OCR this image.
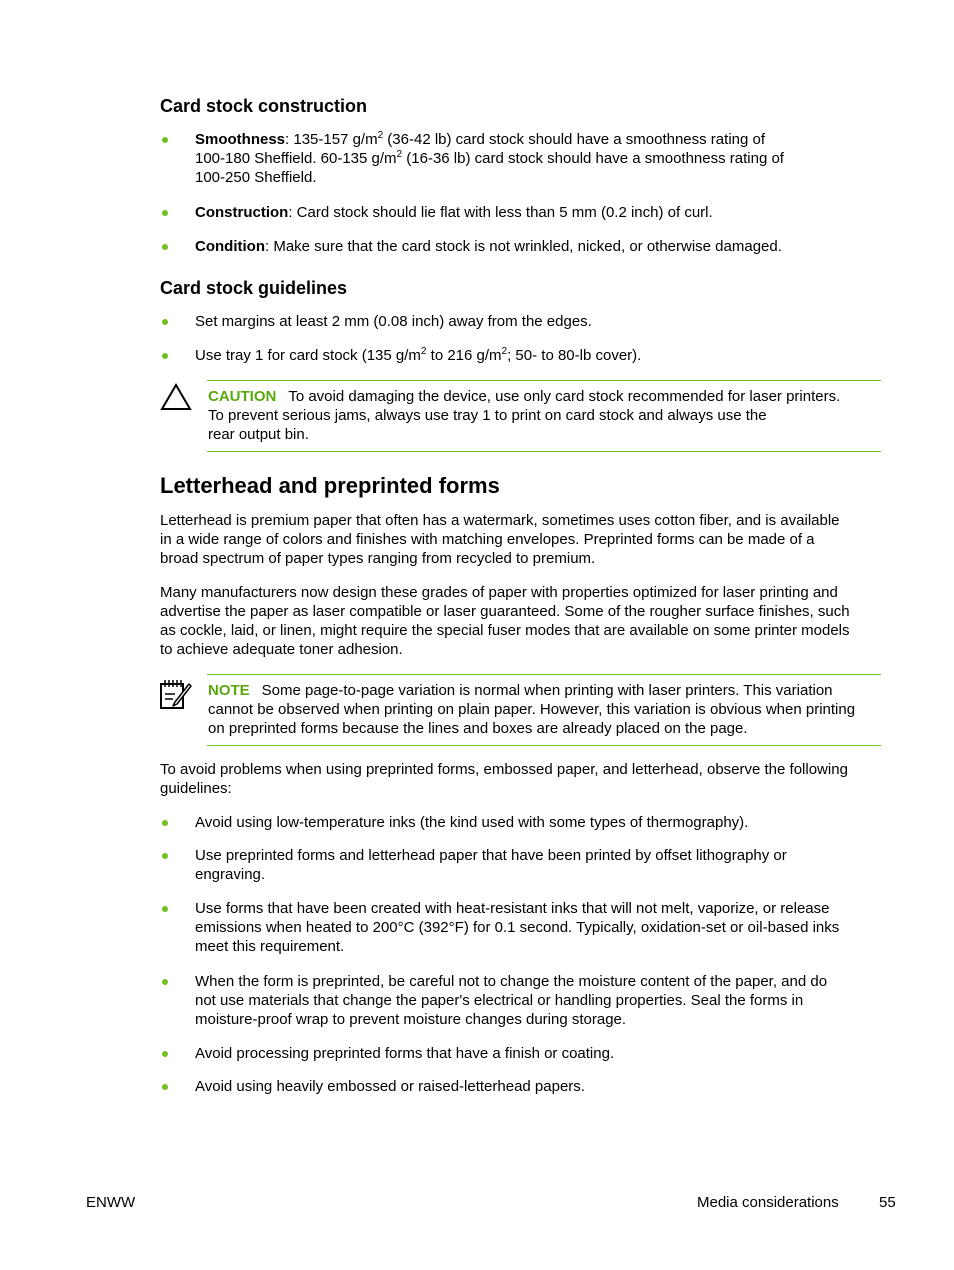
Card stock construction
Smoothness: 135-157 $g/m^2$ (36-42 lb) card stock should have a smoothness rating of
100-180 Sheffield. 60-135 $g/m^2$ (16-36 lb) card stock should have a smoothness rating of
100-250 Sheffield.
Construction: Card stock should lie flat with less than 5 mm (0.2 inch) of curl.
Condition: Make sure that the card stock is not wrinkled, nicked, or otherwise damaged.
Card stock guidelines
Set margins at least 2 mm (0.08 inch) away from the edges.
Use tray 1 for card stock (135 $g/m^2$ to 216 $g/m^2$; 50- to 80-lb cover).
CAUTION To avoid damaging the device, use only card stock recommended for laser printers.
To prevent serious jams, always use tray 1 to print on card stock and always use the
rear output bin.
Letterhead and preprinted forms
Letterhead is premium paper that often has a watermark, sometimes uses cotton fiber, and is available
in a wide range of colors and finishes with matching envelopes. Preprinted forms can be made of a
broad spectrum of paper types ranging from recycled to premium.
Many manufacturers now design these grades of paper with properties optimized for laser printing and
advertise the paper as laser compatible or laser guaranteed. Some of the rougher surface finishes, such
as cockle, laid, or linen, might require the special fuser modes that are available on some printer models
to achieve adequate toner adhesion.
NOTE Some page-to-page variation is normal when printing with laser printers. This variation
cannot be observed when printing on plain paper. However, this variation is obvious when printing
on preprinted forms because the lines and boxes are already placed on the page.
To avoid problems when using preprinted forms, embossed paper, and letterhead, observe the following
guidelines:
Avoid using low-temperature inks (the kind used with some types of thermography).
Use preprinted forms and letterhead paper that have been printed by offset lithography or
engraving.
Use forms that have been created with heat-resistant inks that will not melt, vaporize, or release
emissions when heated to 200°C (392°F) for 0.1 second. Typically, oxidation-set or oil-based inks
meet this requirement.
When the form is preprinted, be careful not to change the moisture content of the paper, and do
not use materials that change the paper's electrical or handling properties. Seal the forms in
moisture-proof wrap to prevent moisture changes during storage.
Avoid processing preprinted forms that have a finish or coating.
Avoid using heavily embossed or raised-letterhead papers.
ENWW	Media considerations	55
